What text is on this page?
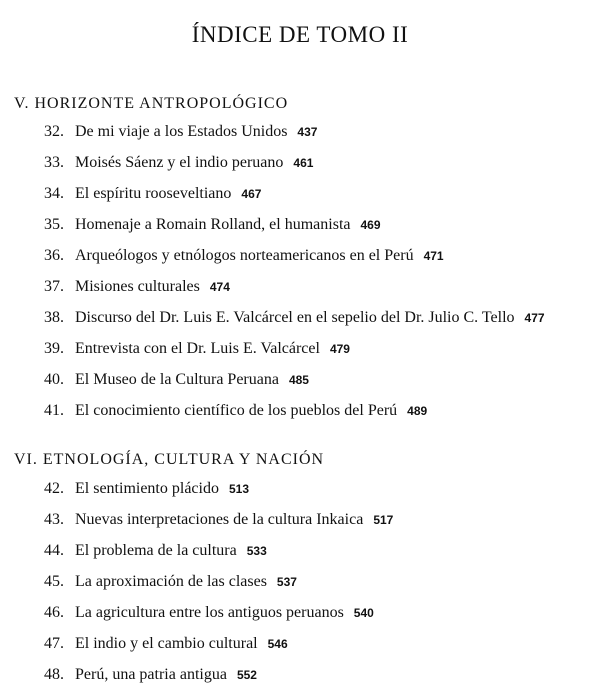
ÍNDICE DE TOMO II
V. HORIZONTE ANTROPOLÓGICO
32. De mi viaje a los Estados Unidos 437
33. Moisés Sáenz y el indio peruano 461
34. El espíritu rooseveltiano 467
35. Homenaje a Romain Rolland, el humanista 469
36. Arqueólogos y etnólogos norteamericanos en el Perú 471
37. Misiones culturales 474
38. Discurso del Dr. Luis E. Valcárcel en el sepelio del Dr. Julio C. Tello 477
39. Entrevista con el Dr. Luis E. Valcárcel 479
40. El Museo de la Cultura Peruana 485
41. El conocimiento científico de los pueblos del Perú 489
VI. ETNOLOGÍA, CULTURA Y NACIÓN
42. El sentimiento plácido 513
43. Nuevas interpretaciones de la cultura Inkaica 517
44. El problema de la cultura 533
45. La aproximación de las clases 537
46. La agricultura entre los antiguos peruanos 540
47. El indio y el cambio cultural 546
48. Perú, una patria antigua 552
